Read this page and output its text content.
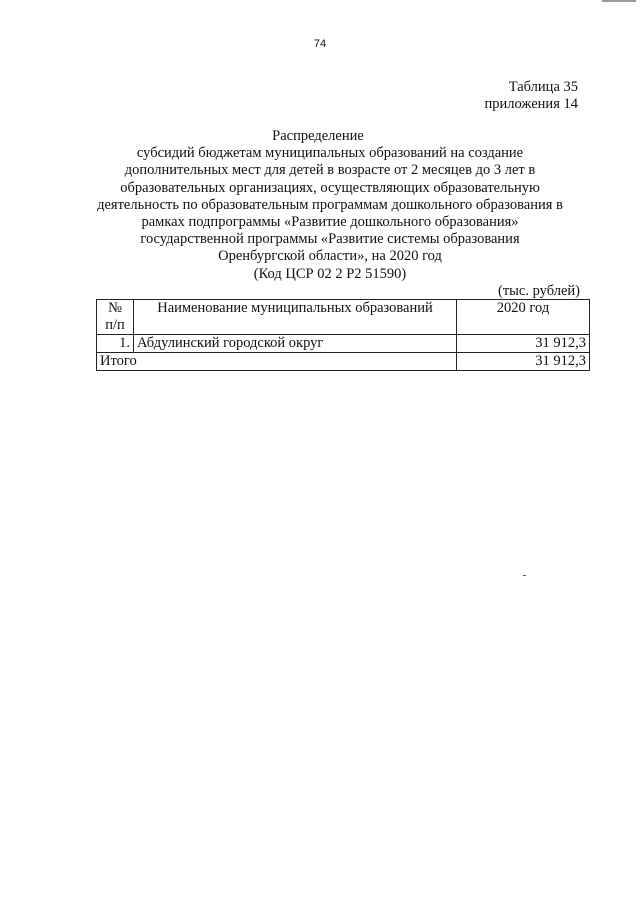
74
Таблица 35
приложения 14
Распределение
субсидий бюджетам муниципальных образований на создание
дополнительных мест для детей в возрасте от 2 месяцев до 3 лет в
образовательных организациях, осуществляющих образовательную
деятельность по образовательным программам дошкольного образования в
рамках подпрограммы «Развитие дошкольного образования»
государственной программы «Развитие системы образования
Оренбургской области», на 2020 год
(Код ЦСР 02 2 Р2 51590)
(тыс. рублей)
№
п/п	Наименование муниципальных образований	2020 год
1.	Абдулинский городской округ	31 912,3
Итого		31 912,3
